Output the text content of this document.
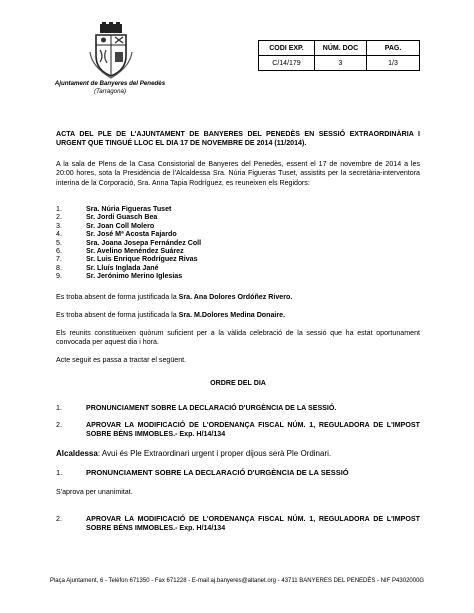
Ajuntament de Banyeres del Penedès
(Tarragona)
CODI EXP.	NÚM. DOC	PAG.
C/14/179	3	1/3
ACTA DEL PLE DE L'AJUNTAMENT DE BANYERES DEL PENEDÈS EN SESSIÓ EXTRAORDINÀRIA I URGENT QUE TINGUÉ LLOC EL DIA 17 DE NOVEMBRE DE 2014 (11/2014).
A la sala de Plens de la Casa Consistorial de Banyeres del Penedès, essent el 17 de novembre de 2014 a les 20:00 hores, sota la Presidència de l'Alcaldessa Sra. Núria Figueras Tuset, assistits per la secretària-interventora interina de la Corporació, Sra. Anna Tapia Rodríguez, es reuneixen els Regidors:
1.	Sra. Núria Figueras Tuset
2.	Sr. Jordi Guasch Bea
3.	Sr. Joan Coll Molero
4.	Sr. José Mª Acosta Fajardo
5.	Sra. Joana Josepa Fernández Coll
6.	Sr. Avelino Menéndez Suárez
7.	Sr. Luis Enrique Rodríguez Rivas
8.	Sr. Lluís Inglada Jané
9.	Sr. Jerónimo Merino Iglesias
Es troba absent de forma justificada la Sra. Ana Dolores Ordóñez Rivero.
Es troba absent de forma justificada la Sra. M.Dolores Medina Donaire.
Els reunits constitueixen quòrum suficient per a la vàlida celebració de la sessió que ha estat oportunament convocada per aquest dia i hora.
Acte seguit es passa a tractar el següent.
ORDRE DEL DIA
1.	PRONUNCIAMENT SOBRE LA DECLARACIÓ D'URGÈNCIA DE LA SESSIÓ.
2.	APROVAR LA MODIFICACIÓ DE L'ORDENANÇA FISCAL NÚM. 1, REGULADORA DE L'IMPOST SOBRE BÉNS IMMOBLES.- Exp. H/14/134
Alcaldessa: Avui és Ple Extraordinari urgent i proper dijous serà Ple Ordinari.
1.	PRONUNCIAMENT SOBRE LA DECLARACIÓ D'URGÈNCIA DE LA SESSIÓ
S'aprova per unanimitat.
2.	APROVAR LA MODIFICACIÓ DE L'ORDENANÇA FISCAL NÚM. 1, REGULADORA DE L'IMPOST SOBRE BÉNS IMMOBLES.- Exp. H/14/134
Plaça Ajuntament, 6 - Telèfon 671350 - Fax 671228 - E-mail aj.banyeres@altanet.org - 43711 BANYERES DEL PENEDÈS - NIF P4302000G
